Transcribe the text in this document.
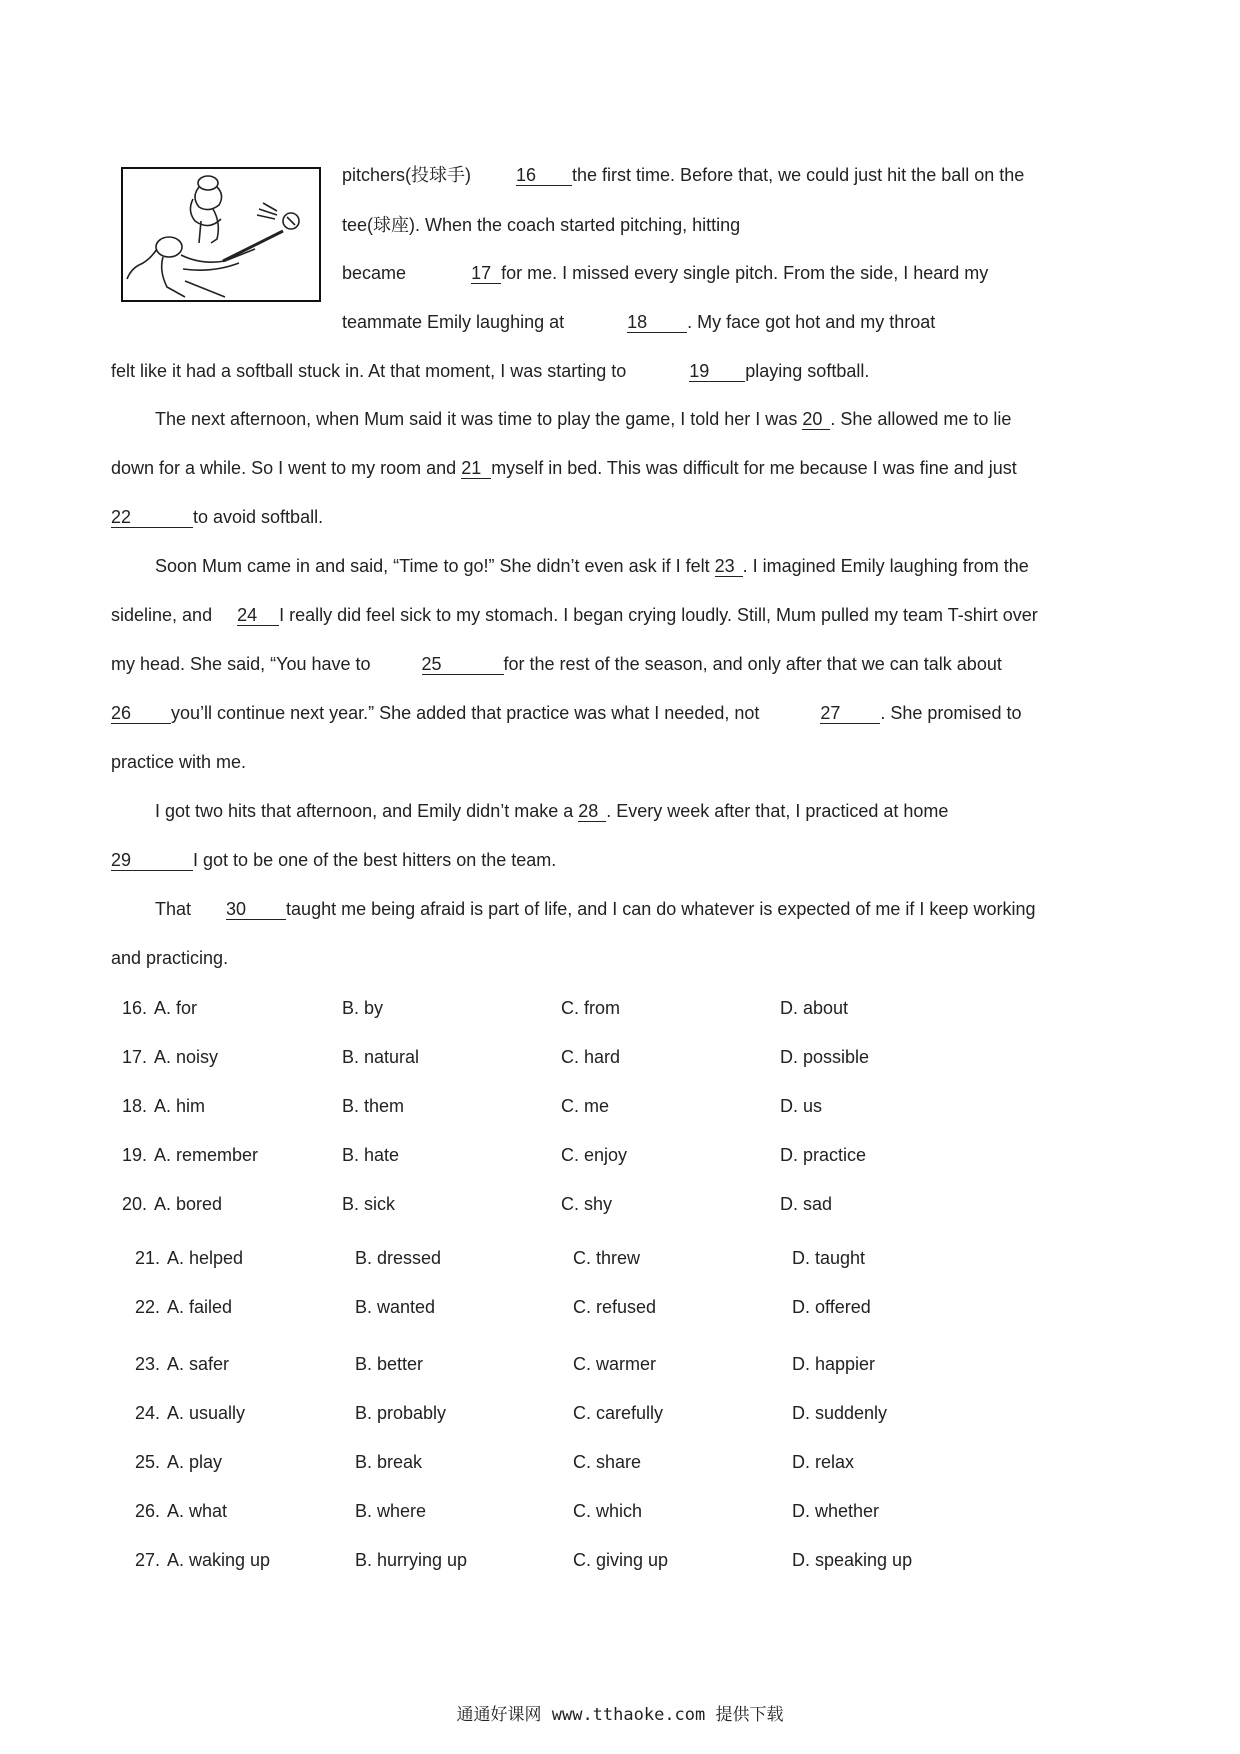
pitchers(投球手)	16 the first time. Before that, we could just hit the ball on the
tee(球座). When the coach started pitching, hitting
became	17 for me. I missed every single pitch. From the side, I heard my
teammate Emily laughing at	18 . My face got hot and my throat
felt like it had a softball stuck in. At that moment, I was starting to	19 playing softball.
The next afternoon, when Mum said it was time to play the game, I told her I was 20 . She allowed me to lie
down for a while. So I went to my room and 21 myself in bed. This was difficult for me because I was fine and just
22	to avoid softball.
Soon Mum came in and said, “Time to go!” She didn’t even ask if I felt 23 . I imagined Emily laughing from the
sideline, and 24 I really did feel sick to my stomach. I began crying loudly. Still, Mum pulled my team T-shirt over
my head. She said, “You have to	25	for the rest of the season, and only after that we can talk about
26 you’ll continue next year.” She added that practice was what I needed, not	27 . She promised to
practice with me.
I got two hits that afternoon, and Emily didn’t make a 28 . Every week after that, I practiced at home
29	I got to be one of the best hitters on the team.
That 30 taught me being afraid is part of life, and I can do whatever is expected of me if I keep working
and practicing.
16. A. for	B. by	C. from	D. about
17. A. noisy	B. natural	C. hard	D. possible
18. A. him	B. them	C. me	D. us
19. A. remember	B. hate	C. enjoy	D. practice
20. A. bored	B. sick	C. shy	D. sad
21. A. helped	B. dressed	C. threw	D. taught
22. A. failed	B. wanted	C. refused	D. offered
23. A. safer	B. better	C. warmer	D. happier
24. A. usually	B. probably	C. carefully	D. suddenly
25. A. play	B. break	C. share	D. relax
26. A. what	B. where	C. which	D. whether
27. A. waking up	B. hurrying up	C. giving up	D. speaking up
通通好课网 www.tthaoke.com 提供下载
